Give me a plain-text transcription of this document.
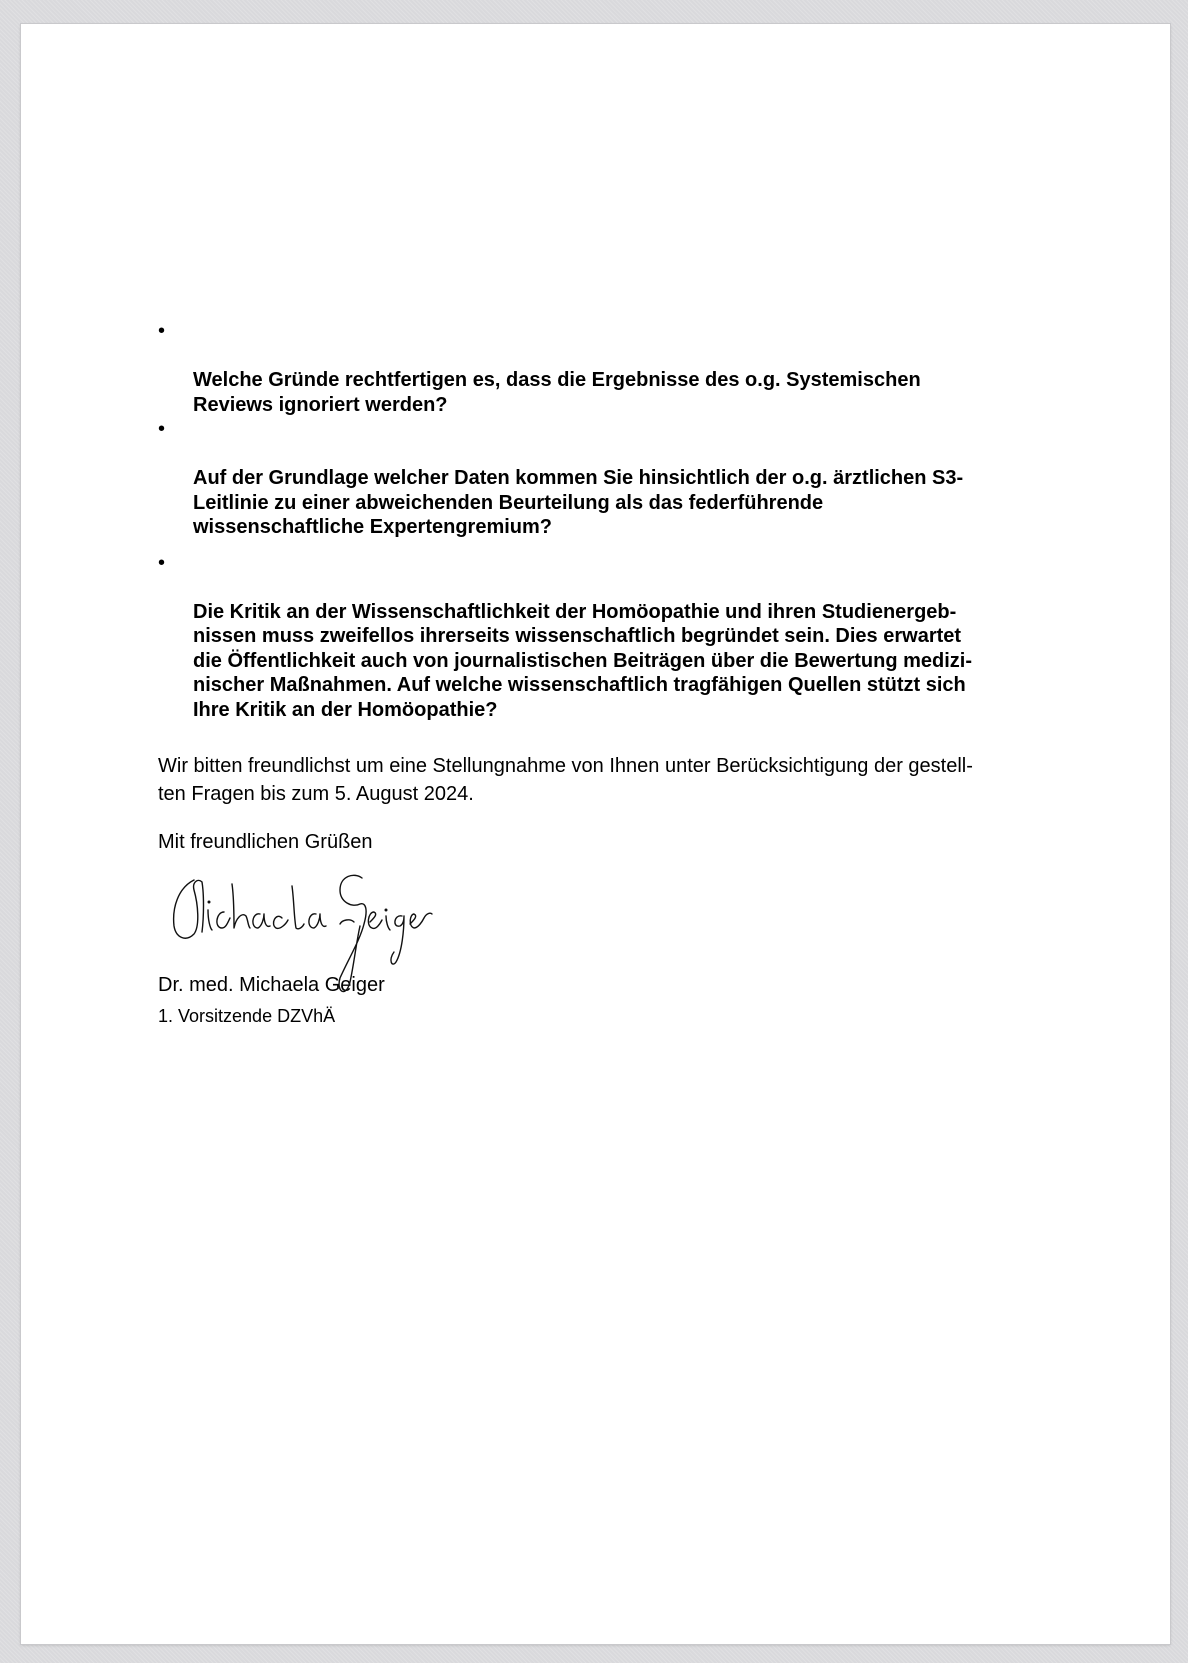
•

Welche Gründe rechtfertigen es, dass die Ergebnisse des o.g. Systemischen
Reviews ignoriert werden?

•

Auf der Grundlage welcher Daten kommen Sie hinsichtlich der o.g. ärztlichen S3-
Leitlinie zu einer abweichenden Beurteilung als das federführende
wissenschaftliche Expertengremium?

•

Die Kritik an der Wissenschaftlichkeit der Homöopathie und ihren Studienergeb-
nissen muss zweifellos ihrerseits wissenschaftlich begründet sein. Dies erwartet
die Öffentlichkeit auch von journalistischen Beiträgen über die Bewertung medizi-
nischer Maßnahmen. Auf welche wissenschaftlich tragfähigen Quellen stützt sich
Ihre Kritik an der Homöopathie?

Wir bitten freundlichst um eine Stellungnahme von Ihnen unter Berücksichtigung der gestell-
ten Fragen bis zum 5. August 2024.

Mit freundlichen Grüßen

Dr. med. Michaela Geiger

1. Vorsitzende DZVhÄ
